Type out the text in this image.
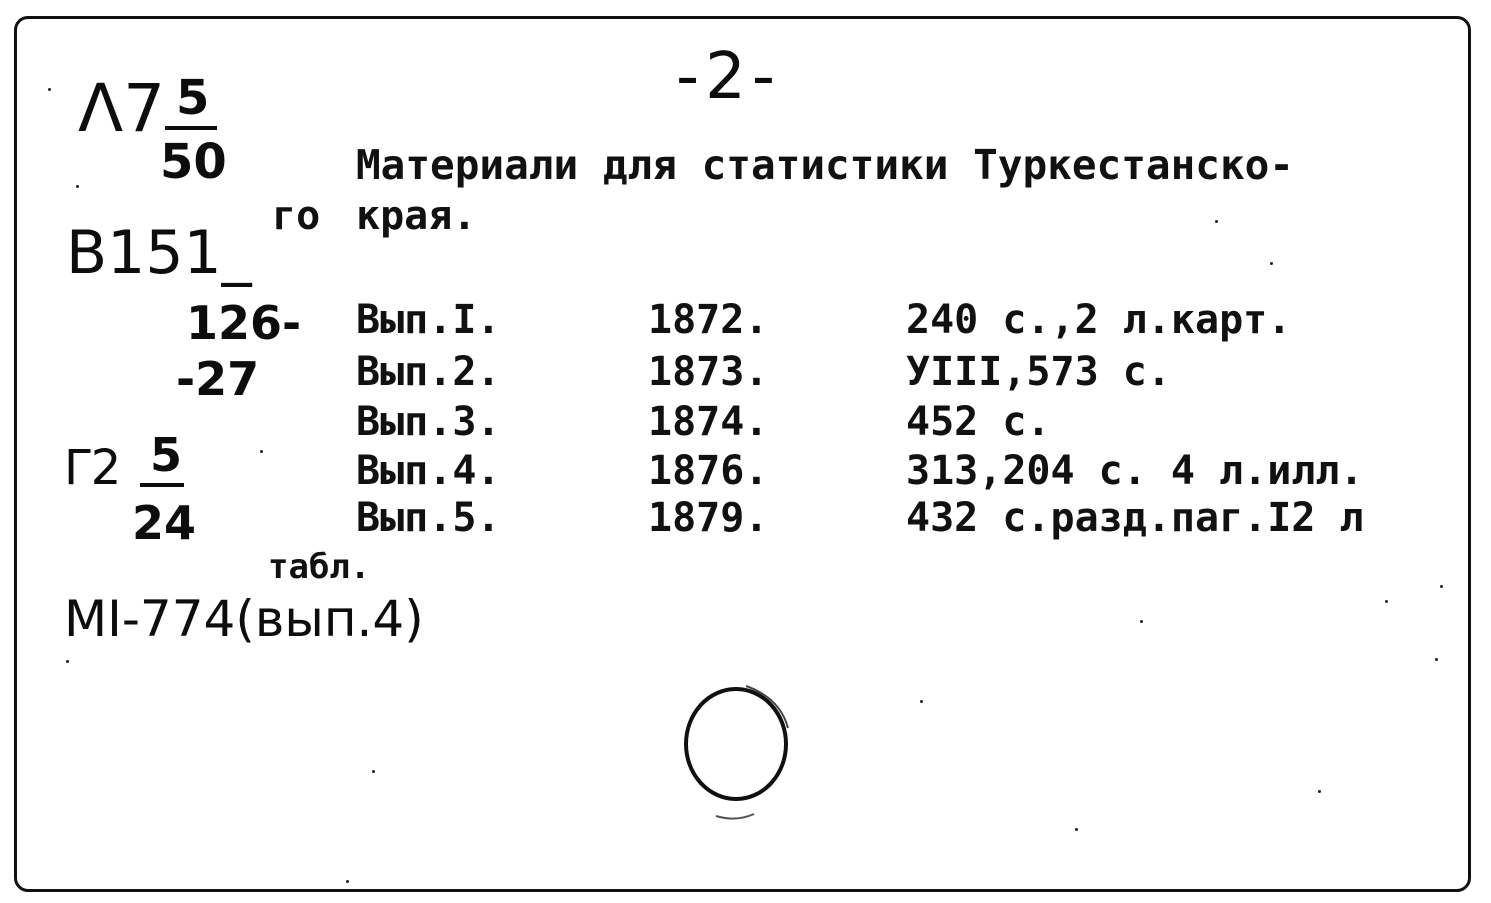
-2-
Λ7 5
50	Материали для статистики Туркестанско-
го края.
B151_
126-
-27
Вып.I.	1872.	240 с.,2 л.карт.
Вып.2.	1873.	УIII,573 с.
Вып.3.	1874.	452 с.
Вып.4.	1876.	313,204 с. 4 л.илл.
Вып.5.	1879.	432 с.разд.паг.I2 л
Γ2 5
24
табл.
MI-774(вып.4)
